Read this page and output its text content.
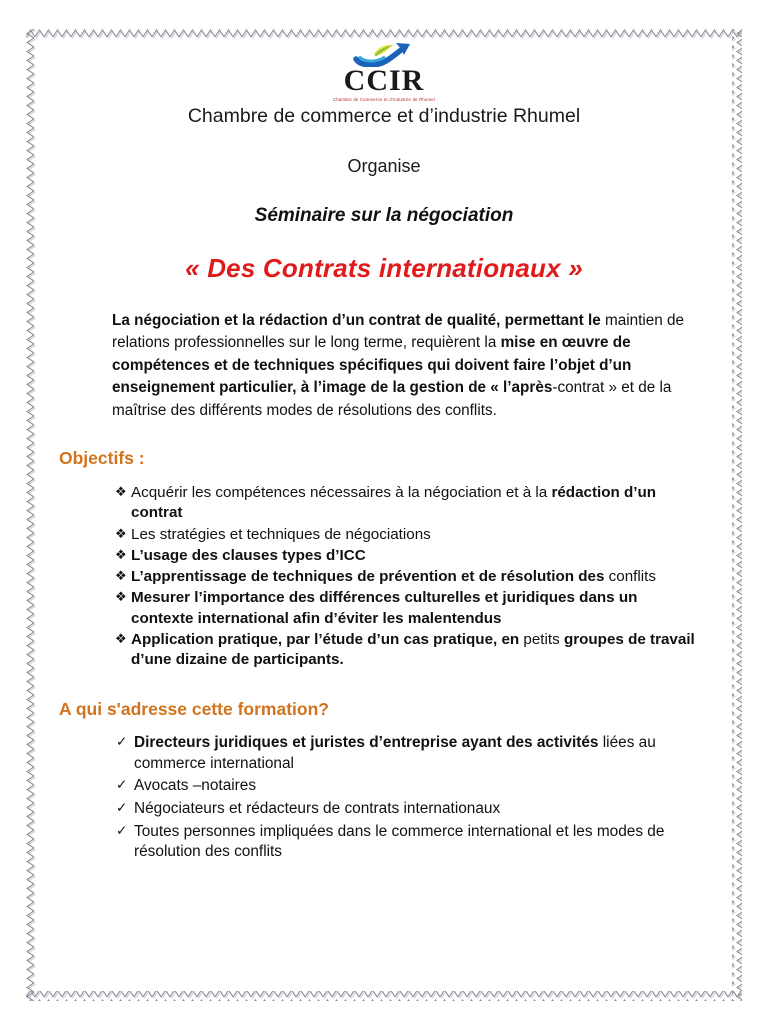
CCIR
Chambre de Commerce et d'Industrie de Rhumel
Chambre de commerce et d’industrie Rhumel
Organise
Séminaire sur la négociation
« Des Contrats internationaux »

La négociation et la rédaction d’un contrat de qualité, permettant le maintien de relations professionnelles sur le long terme, requièrent la mise en œuvre de compétences et de techniques spécifiques qui doivent faire l’objet d’un enseignement particulier, à l’image de la gestion de « l’après-contrat » et de la maîtrise des différents modes de résolutions des conflits.

Objectifs :
❖ Acquérir les compétences nécessaires à la négociation et à la rédaction d’un contrat
❖ Les stratégies et techniques de négociations
❖ L’usage des clauses types d’ICC
❖ L’apprentissage de techniques de prévention et de résolution des conflits
❖ Mesurer l’importance des différences culturelles et juridiques dans un contexte international afin d’éviter les malentendus
❖ Application pratique, par l’étude d’un cas pratique, en petits groupes de travail d’une dizaine de participants.
A qui s'adresse cette formation?
✓ Directeurs juridiques et juristes d’entreprise ayant des activités liées au commerce international
✓ Avocats –notaires
✓ Négociateurs et rédacteurs de contrats internationaux
✓ Toutes personnes impliquées dans le commerce international et les modes de résolution des conflits
